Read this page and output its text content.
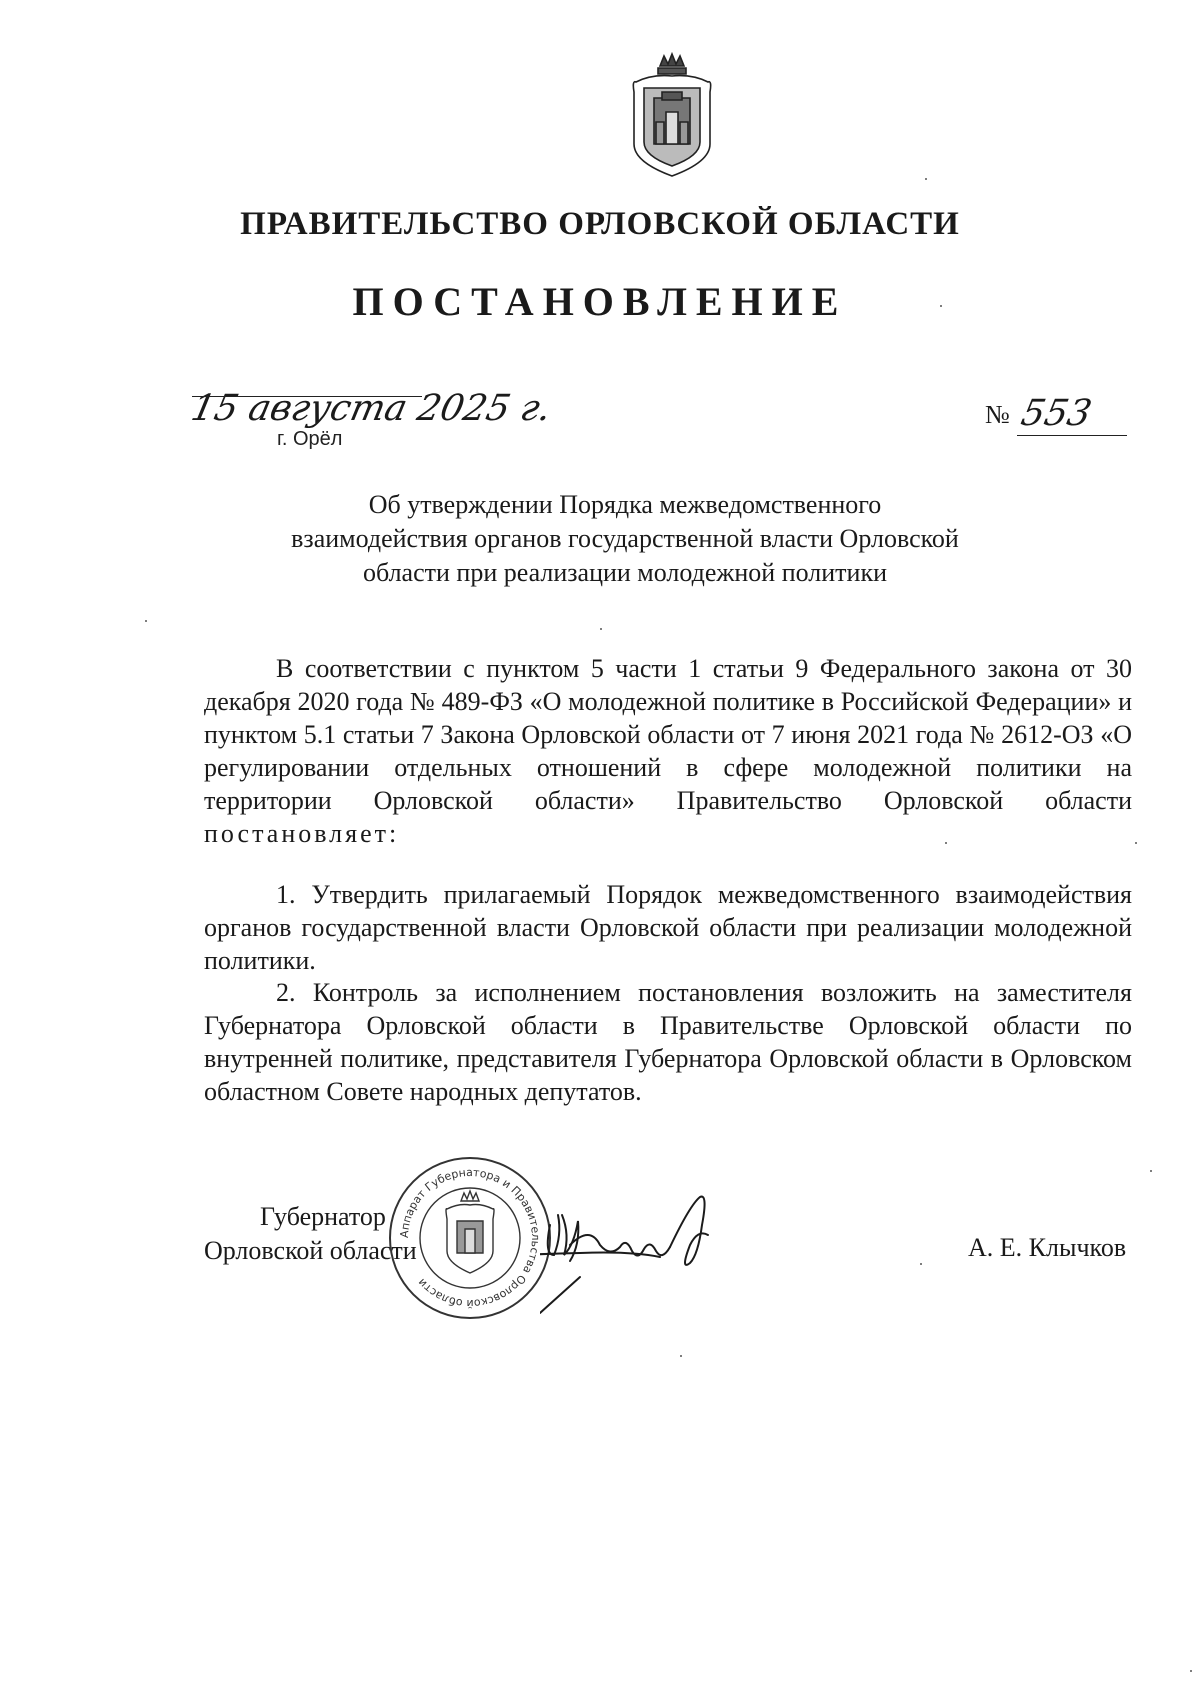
ПРАВИТЕЛЬСТВО ОРЛОВСКОЙ ОБЛАСТИ
ПОСТАНОВЛЕНИЕ
15 августа 2025 г.
г. Орёл
№ 553
Об утверждении Порядка межведомственного
взаимодействия органов государственной власти Орловской
области при реализации молодежной политики
В соответствии с пунктом 5 части 1 статьи 9 Федерального закона от 30 декабря 2020 года № 489-ФЗ «О молодежной политике в Российской Федерации» и пунктом 5.1 статьи 7 Закона Орловской области от 7 июня 2021 года № 2612-ОЗ «О регулировании отдельных отношений в сфере молодежной политики на территории Орловской области» Правительство Орловской области постановляет:
1. Утвердить прилагаемый Порядок межведомственного взаимодействия органов государственной власти Орловской области при реализации молодежной политики.
2. Контроль за исполнением постановления возложить на заместителя Губернатора Орловской области в Правительстве Орловской области по внутренней политике, представителя Губернатора Орловской области в Орловском областном Совете народных депутатов.
Губернатор
Орловской области	А. Е. Клычков
Аппарат Губернатора и Правительства Орловской области
